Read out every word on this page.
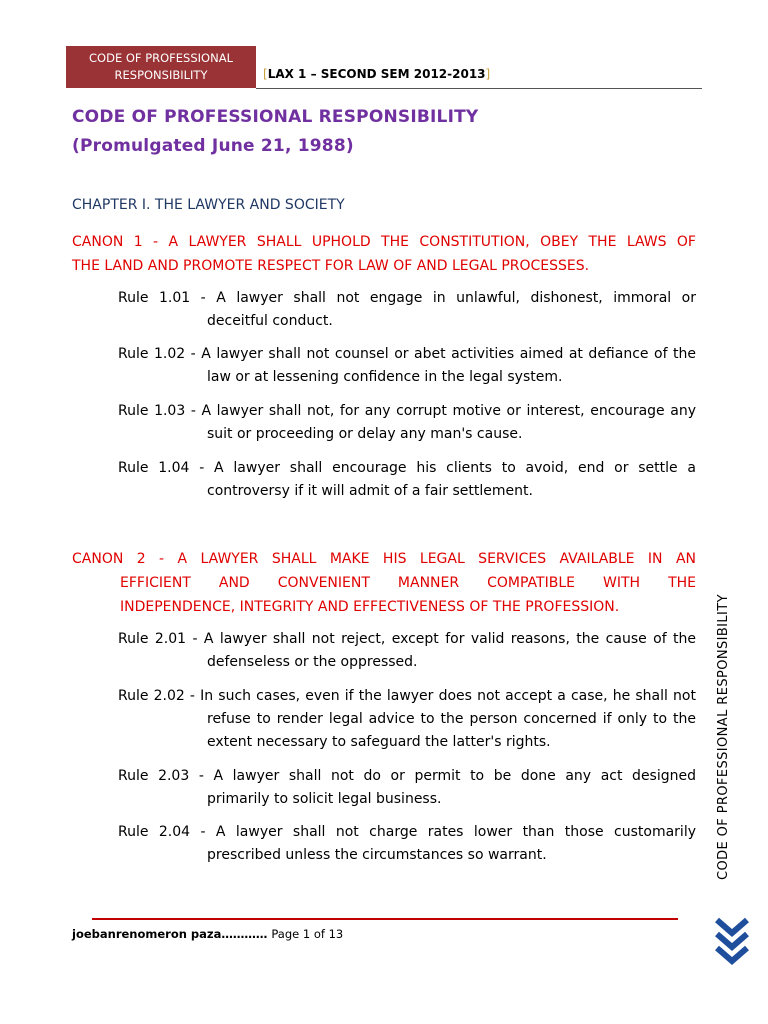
CODE OF PROFESSIONAL
RESPONSIBILITY	[LAX 1 – SECOND SEM 2012-2013]
CODE OF PROFESSIONAL RESPONSIBILITY
(Promulgated June 21, 1988)
CHAPTER I. THE LAWYER AND SOCIETY
CANON 1 - A LAWYER SHALL UPHOLD THE CONSTITUTION, OBEY THE LAWS OF
THE LAND AND PROMOTE RESPECT FOR LAW OF AND LEGAL PROCESSES.
Rule 1.01 - A lawyer shall not engage in unlawful, dishonest, immoral or
deceitful conduct.
Rule 1.02 - A lawyer shall not counsel or abet activities aimed at defiance of the
law or at lessening confidence in the legal system.
Rule 1.03 - A lawyer shall not, for any corrupt motive or interest, encourage any
suit or proceeding or delay any man's cause.
Rule 1.04 - A lawyer shall encourage his clients to avoid, end or settle a
controversy if it will admit of a fair settlement.
CANON 2 - A LAWYER SHALL MAKE HIS LEGAL SERVICES AVAILABLE IN AN
EFFICIENT AND CONVENIENT MANNER COMPATIBLE WITH THE
INDEPENDENCE, INTEGRITY AND EFFECTIVENESS OF THE PROFESSION.
Rule 2.01 - A lawyer shall not reject, except for valid reasons, the cause of the
defenseless or the oppressed.
Rule 2.02 - In such cases, even if the lawyer does not accept a case, he shall not
refuse to render legal advice to the person concerned if only to the
extent necessary to safeguard the latter's rights.
Rule 2.03 - A lawyer shall not do or permit to be done any act designed
primarily to solicit legal business.
Rule 2.04 - A lawyer shall not charge rates lower than those customarily
prescribed unless the circumstances so warrant.	CODE OF PROFESSIONAL RESPONSIBILITY
joebanrenomeron paza………… Page 1 of 13
